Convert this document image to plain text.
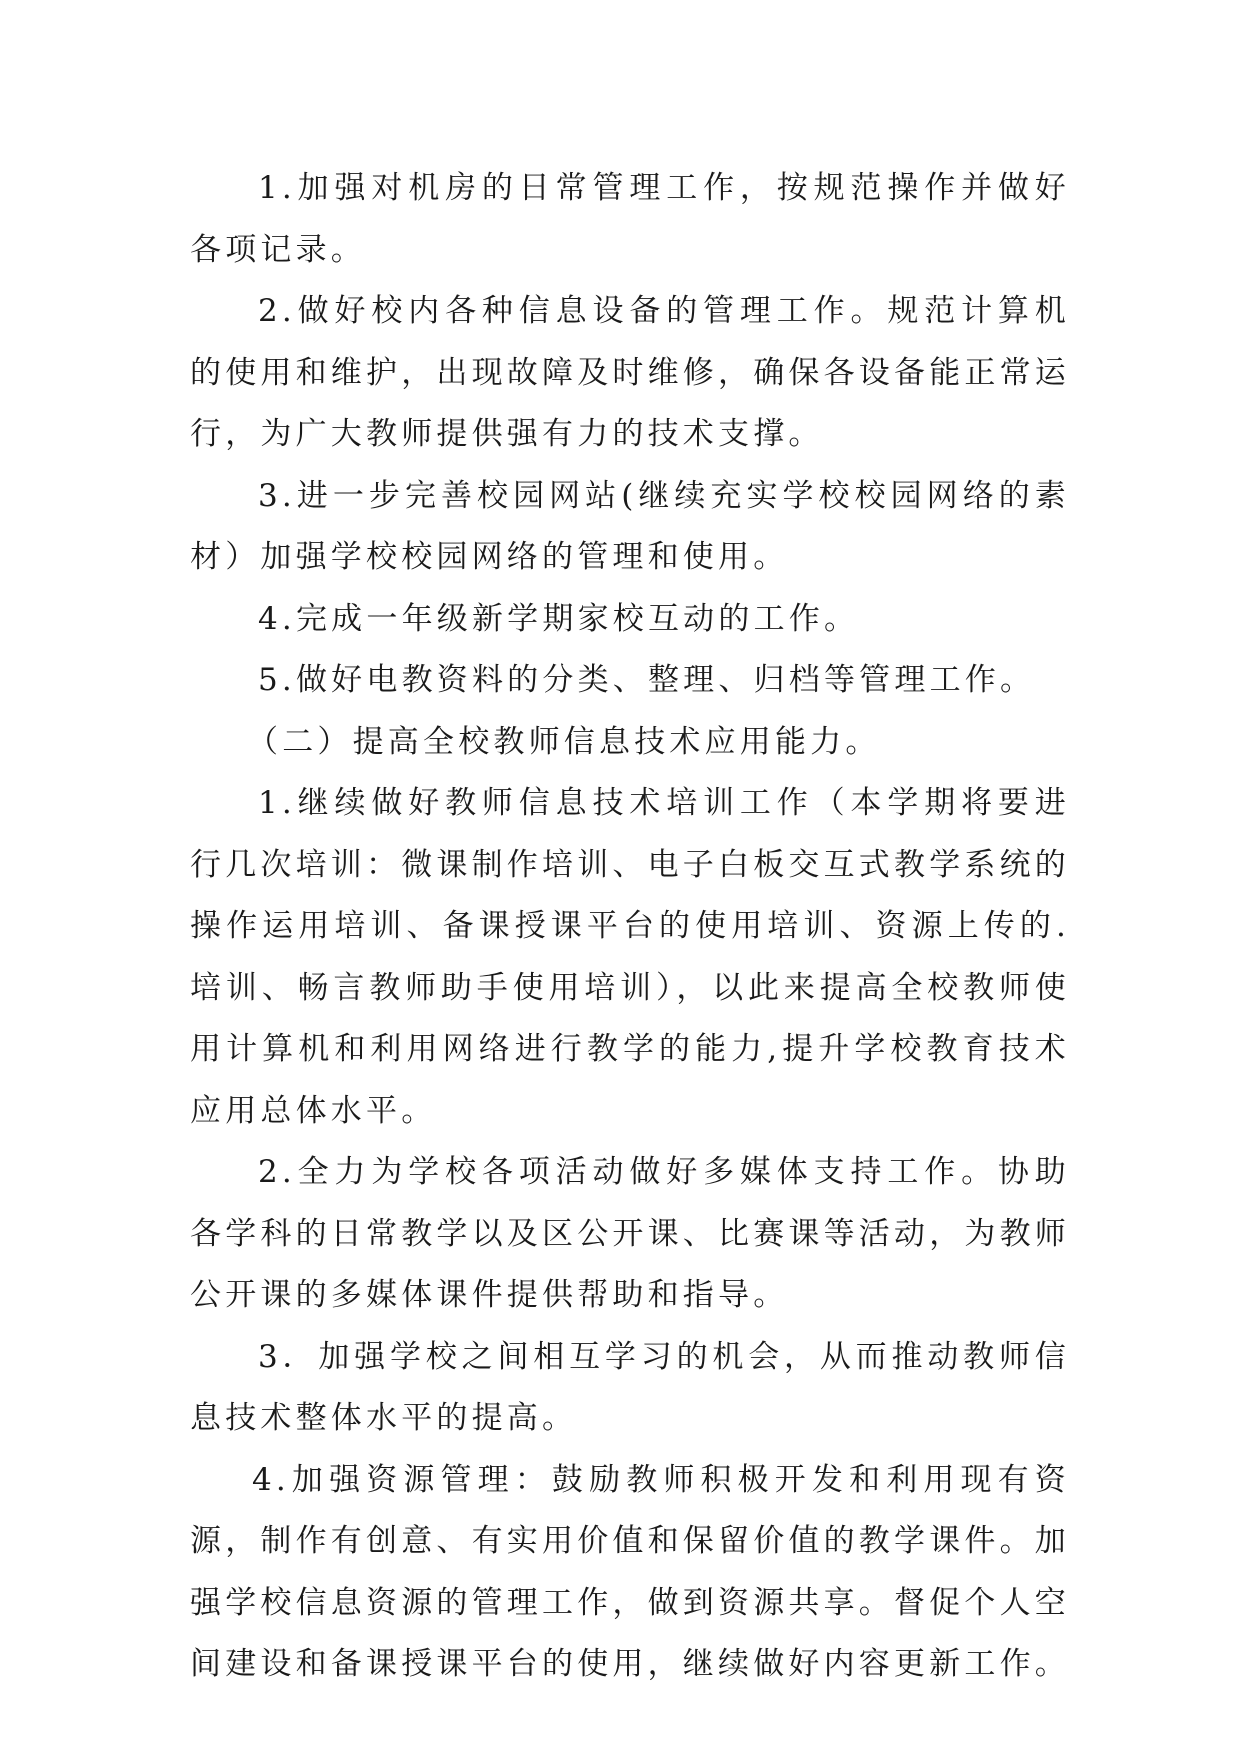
1.加强对机房的日常管理工作，按规范操作并做好各项记录。

2.做好校内各种信息设备的管理工作。规范计算机的使用和维护，出现故障及时维修，确保各设备能正常运行，为广大教师提供强有力的技术支撑。

3.进一步完善校园网站(继续充实学校校园网络的素材）加强学校校园网络的管理和使用。

4.完成一年级新学期家校互动的工作。

5.做好电教资料的分类、整理、归档等管理工作。

（二）提高全校教师信息技术应用能力。

1.继续做好教师信息技术培训工作（本学期将要进行几次培训：微课制作培训、电子白板交互式教学系统的操作运用培训、备课授课平台的使用培训、资源上传的.培训、畅言教师助手使用培训），以此来提高全校教师使用计算机和利用网络进行教学的能力,提升学校教育技术应用总体水平。

2.全力为学校各项活动做好多媒体支持工作。协助各学科的日常教学以及区公开课、比赛课等活动，为教师公开课的多媒体课件提供帮助和指导。

3．加强学校之间相互学习的机会，从而推动教师信息技术整体水平的提高。

4.加强资源管理：鼓励教师积极开发和利用现有资源，制作有创意、有实用价值和保留价值的教学课件。加强学校信息资源的管理工作，做到资源共享。督促个人空间建设和备课授课平台的使用，继续做好内容更新工作。
